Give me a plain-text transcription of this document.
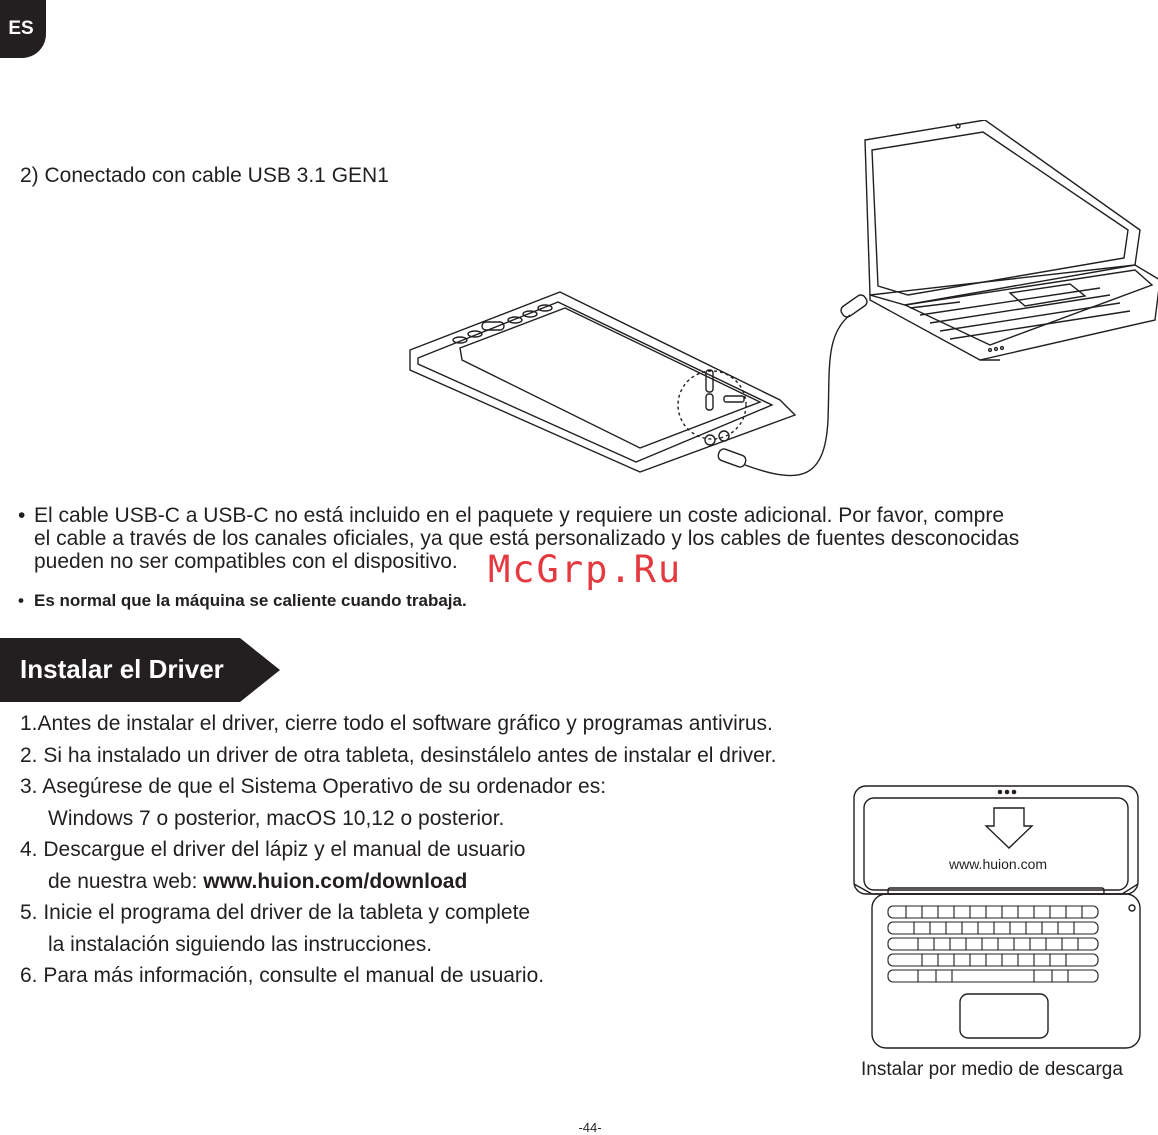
ES
2) Conectado con cable USB 3.1 GEN1
• El cable USB-C a USB-C no está incluido en el paquete y requiere un coste adicional. Por favor, compre
el cable a través de los canales oficiales, ya que está personalizado y los cables de fuentes desconocidas
pueden no ser compatibles con el dispositivo.
• Es normal que la máquina se caliente cuando trabaja.
McGrp.Ru
Instalar el Driver
1.Antes de instalar el driver, cierre todo el software gráfico y programas antivirus.
2. Si ha instalado un driver de otra tableta, desinstálelo antes de instalar el driver.
3. Asegúrese de que el Sistema Operativo de su ordenador es:
Windows 7 o posterior, macOS 10,12 o posterior.
4. Descargue el driver del lápiz y el manual de usuario
de nuestra web: www.huion.com/download
5. Inicie el programa del driver de la tableta y complete
la instalación siguiendo las instrucciones.
6. Para más información, consulte el manual de usuario.
www.huion.com
Instalar por medio de descarga
-44-
